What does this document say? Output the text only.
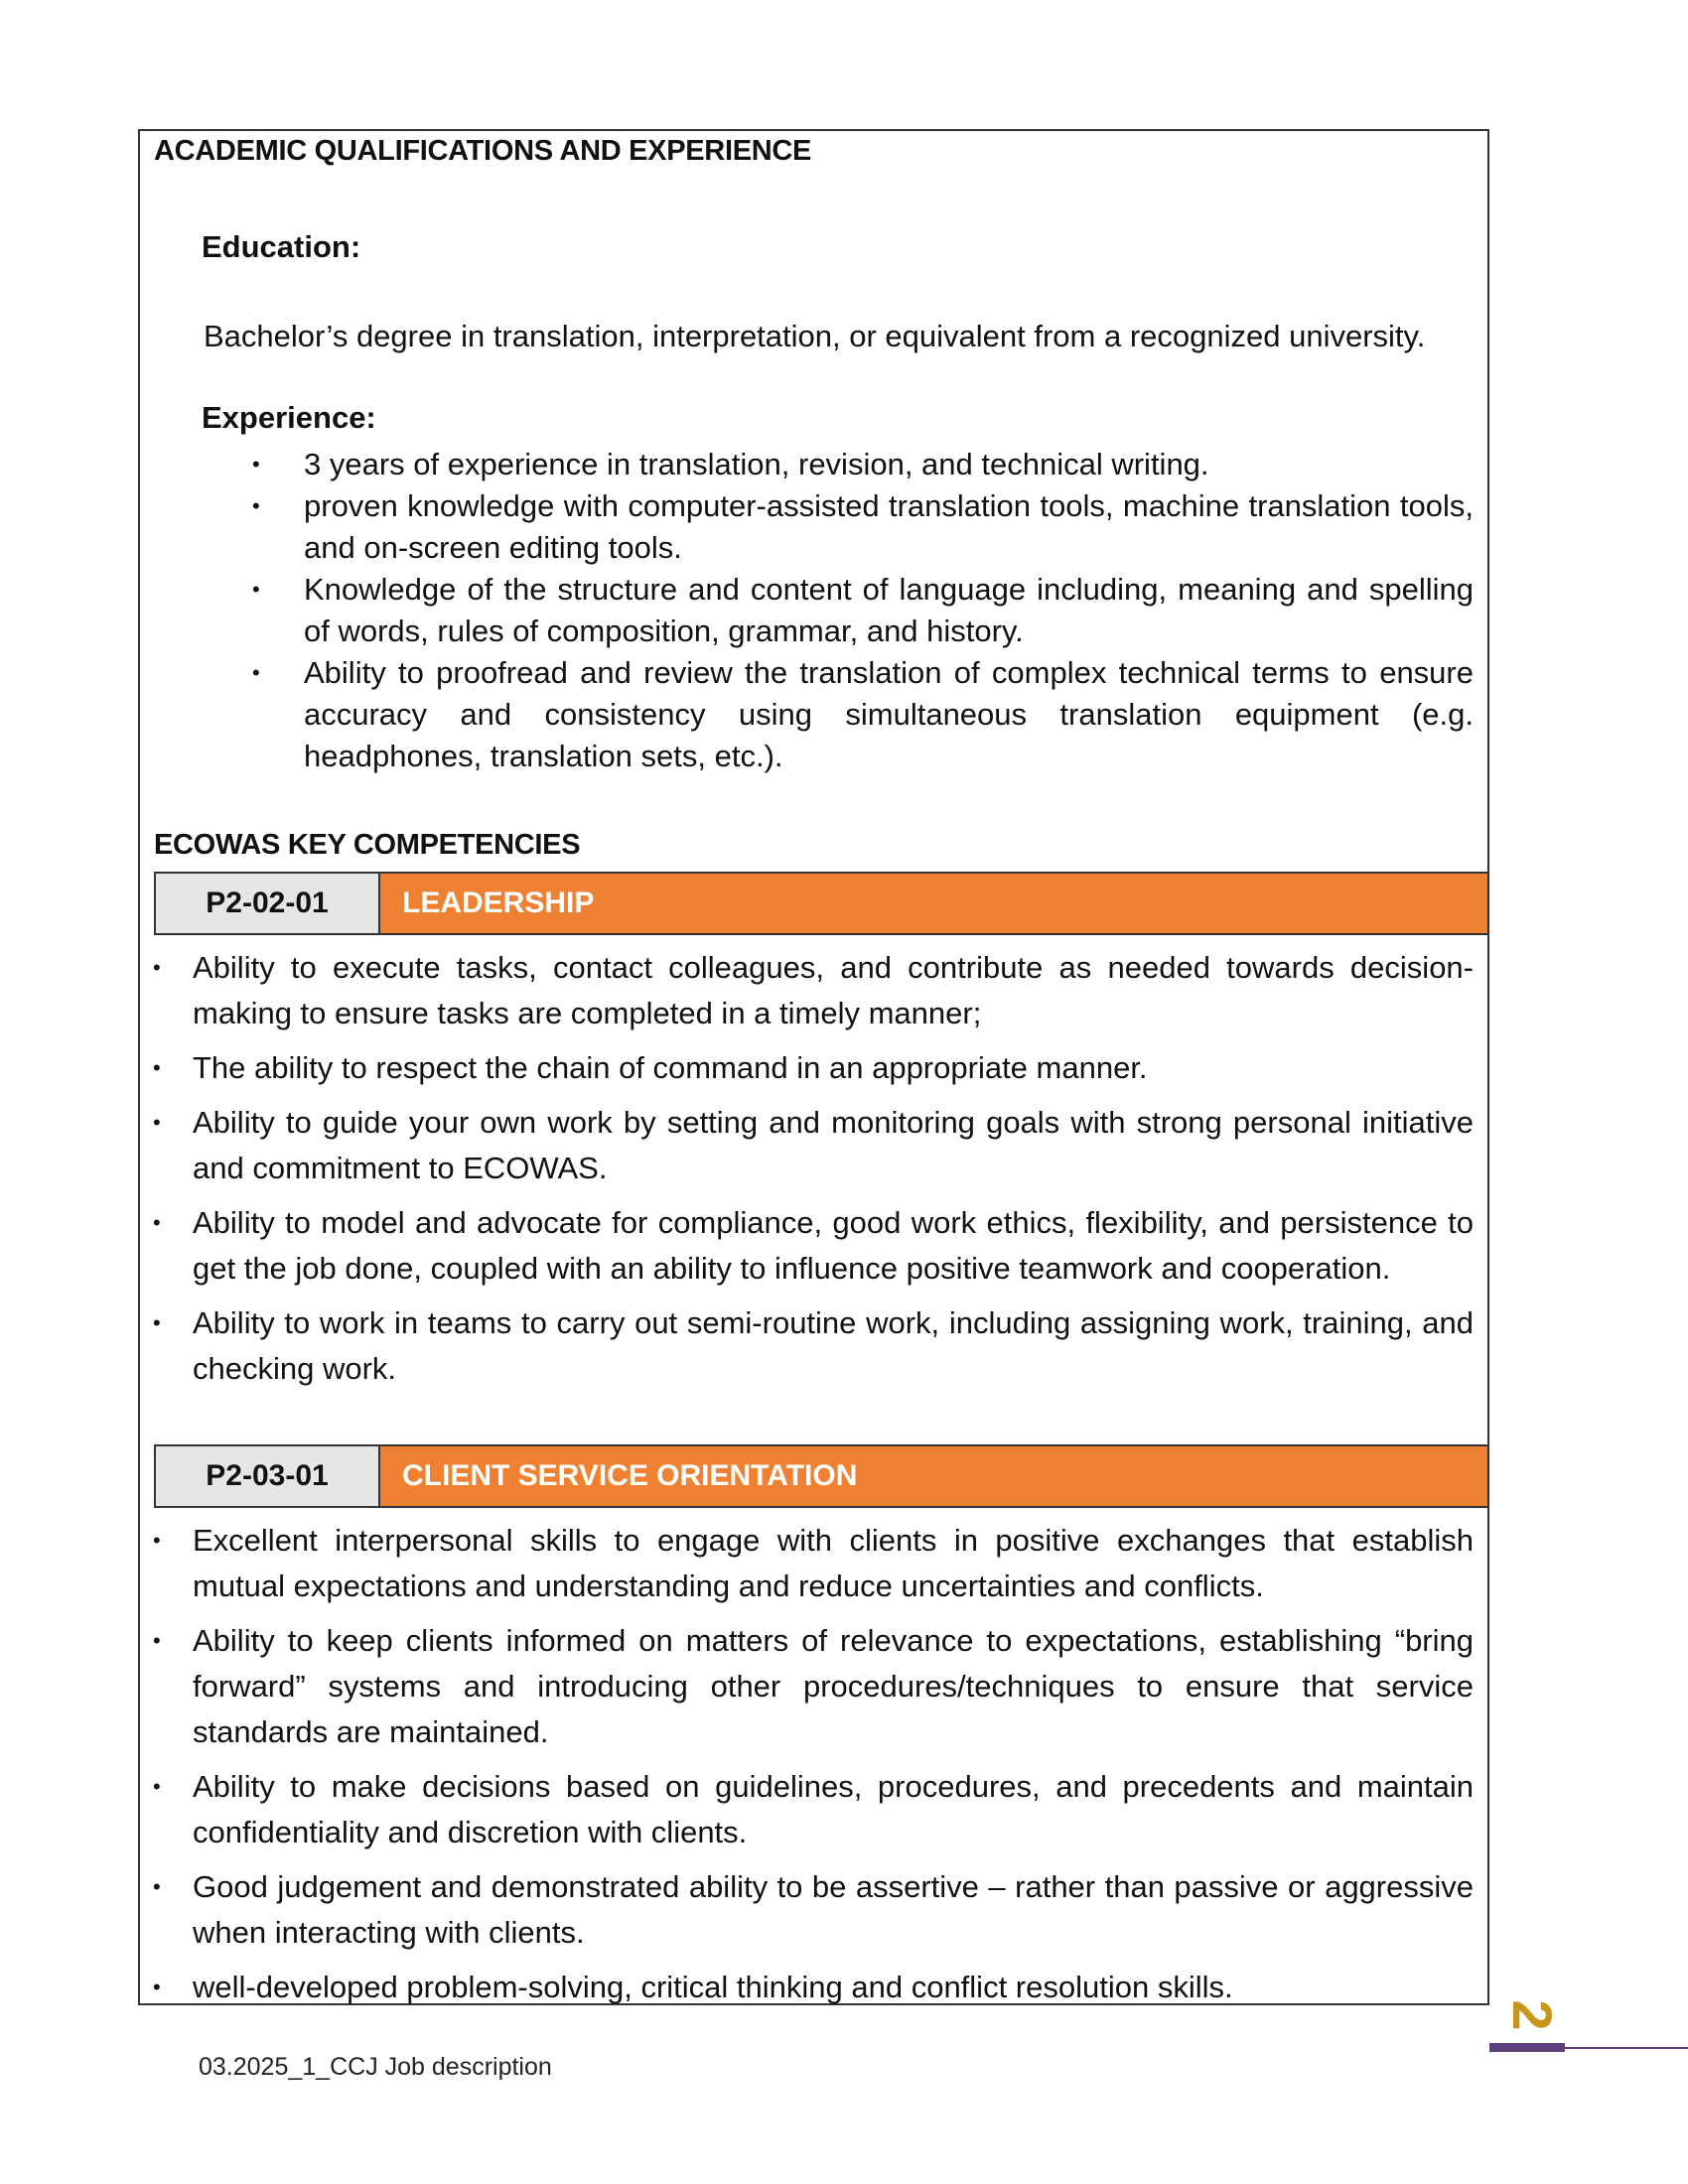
ACADEMIC QUALIFICATIONS AND EXPERIENCE
Education:
Bachelor’s degree in translation, interpretation, or equivalent from a recognized university.
Experience:
• 3 years of experience in translation, revision, and technical writing.
• proven knowledge with computer-assisted translation tools, machine translation tools, and on-screen editing tools.
• Knowledge of the structure and content of language including, meaning and spelling of words, rules of composition, grammar, and history.
• Ability to proofread and review the translation of complex technical terms to ensure accuracy and consistency using simultaneous translation equipment (e.g. headphones, translation sets, etc.).
ECOWAS KEY COMPETENCIES
P2-02-01	LEADERSHIP
• Ability to execute tasks, contact colleagues, and contribute as needed towards decision-making to ensure tasks are completed in a timely manner;
• The ability to respect the chain of command in an appropriate manner.
• Ability to guide your own work by setting and monitoring goals with strong personal initiative and commitment to ECOWAS.
• Ability to model and advocate for compliance, good work ethics, flexibility, and persistence to get the job done, coupled with an ability to influence positive teamwork and cooperation.
• Ability to work in teams to carry out semi-routine work, including assigning work, training, and checking work.
P2-03-01	CLIENT SERVICE ORIENTATION
• Excellent interpersonal skills to engage with clients in positive exchanges that establish mutual expectations and understanding and reduce uncertainties and conflicts.
• Ability to keep clients informed on matters of relevance to expectations, establishing “bring forward” systems and introducing other procedures/techniques to ensure that service standards are maintained.
• Ability to make decisions based on guidelines, procedures, and precedents and maintain confidentiality and discretion with clients.
• Good judgement and demonstrated ability to be assertive – rather than passive or aggressive when interacting with clients.
• well-developed problem-solving, critical thinking and conflict resolution skills.
2
03.2025_1_CCJ Job description
